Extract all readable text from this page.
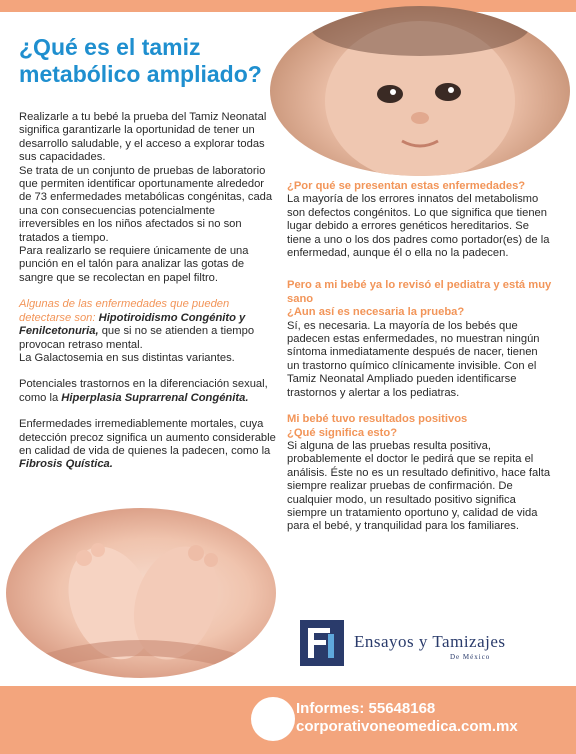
¿Qué es el tamiz metabólico ampliado?

Realizarle a tu bebé la prueba del Tamiz Neonatal significa garantizarle la oportunidad de tener un desarrollo saludable, y el acceso a explorar todas sus capacidades.

Se trata de un conjunto de pruebas de laboratorio que permiten identificar oportunamente alrededor de 73 enfermedades metabólicas congénitas, cada una con consecuencias potencialmente irreversibles en los niños afectados si no son tratados a tiempo.

Para realizarlo se requiere únicamente de una punción en el talón para analizar las gotas de sangre que se recolectan en papel filtro.

Algunas de las enfermedades que pueden detectarse son: Hipotiroidismo Congénito y Fenilcetonuria, que si no se atienden a tiempo provocan retraso mental.

La Galactosemia en sus distintas variantes.

Potenciales trastornos en la diferenciación sexual, como la Hiperplasia Suprarrenal Congénita.

Enfermedades irremediablemente mortales, cuya detección precoz significa un aumento considerable en calidad de vida de quienes la padecen, como la Fibrosis Quística.

¿Por qué se presentan estas enfermedades?

La mayoría de los errores innatos del metabolismo son defectos congénitos. Lo que significa que tienen lugar debido a errores genéticos hereditarios. Se tiene a uno o los dos padres como portador(es) de la enfermedad, aunque él o ella no la padecen.

Pero a mi bebé ya lo revisó el pediatra y está muy sano

¿Aun así es necesaria la prueba?

Sí, es necesaria. La mayoría de los bebés que padecen estas enfermedades, no muestran ningún síntoma inmediatamente después de nacer, tienen un trastorno químico clínicamente invisible. Con el Tamiz Neonatal Ampliado pueden identificarse trastornos y alertar a los pediatras.

Mi bebé tuvo resultados positivos

¿Qué significa esto?

Si alguna de las pruebas resulta positiva, probablemente el doctor le pedirá que se repita el análisis. Éste no es un resultado definitivo, hace falta siempre realizar pruebas de confirmación. De cualquier modo, un resultado positivo significa siempre un tratamiento oportuno y, calidad de vida para el bebé, y tranquilidad para los familiares.

Ensayos y Tamizajes
De México
Informes: 55648168
corporativoneomedica.com.mx
